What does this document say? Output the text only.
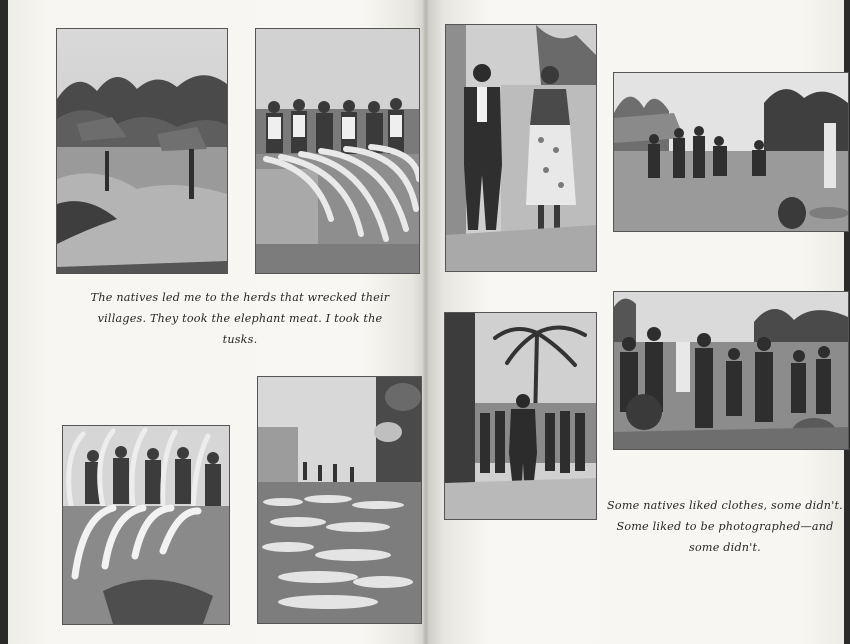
The natives led me to the herds that wrecked their
villages. They took the elephant meat. I took the
tusks.
Some natives liked clothes, some didn't.
Some liked to be photographed—and
some didn't.
